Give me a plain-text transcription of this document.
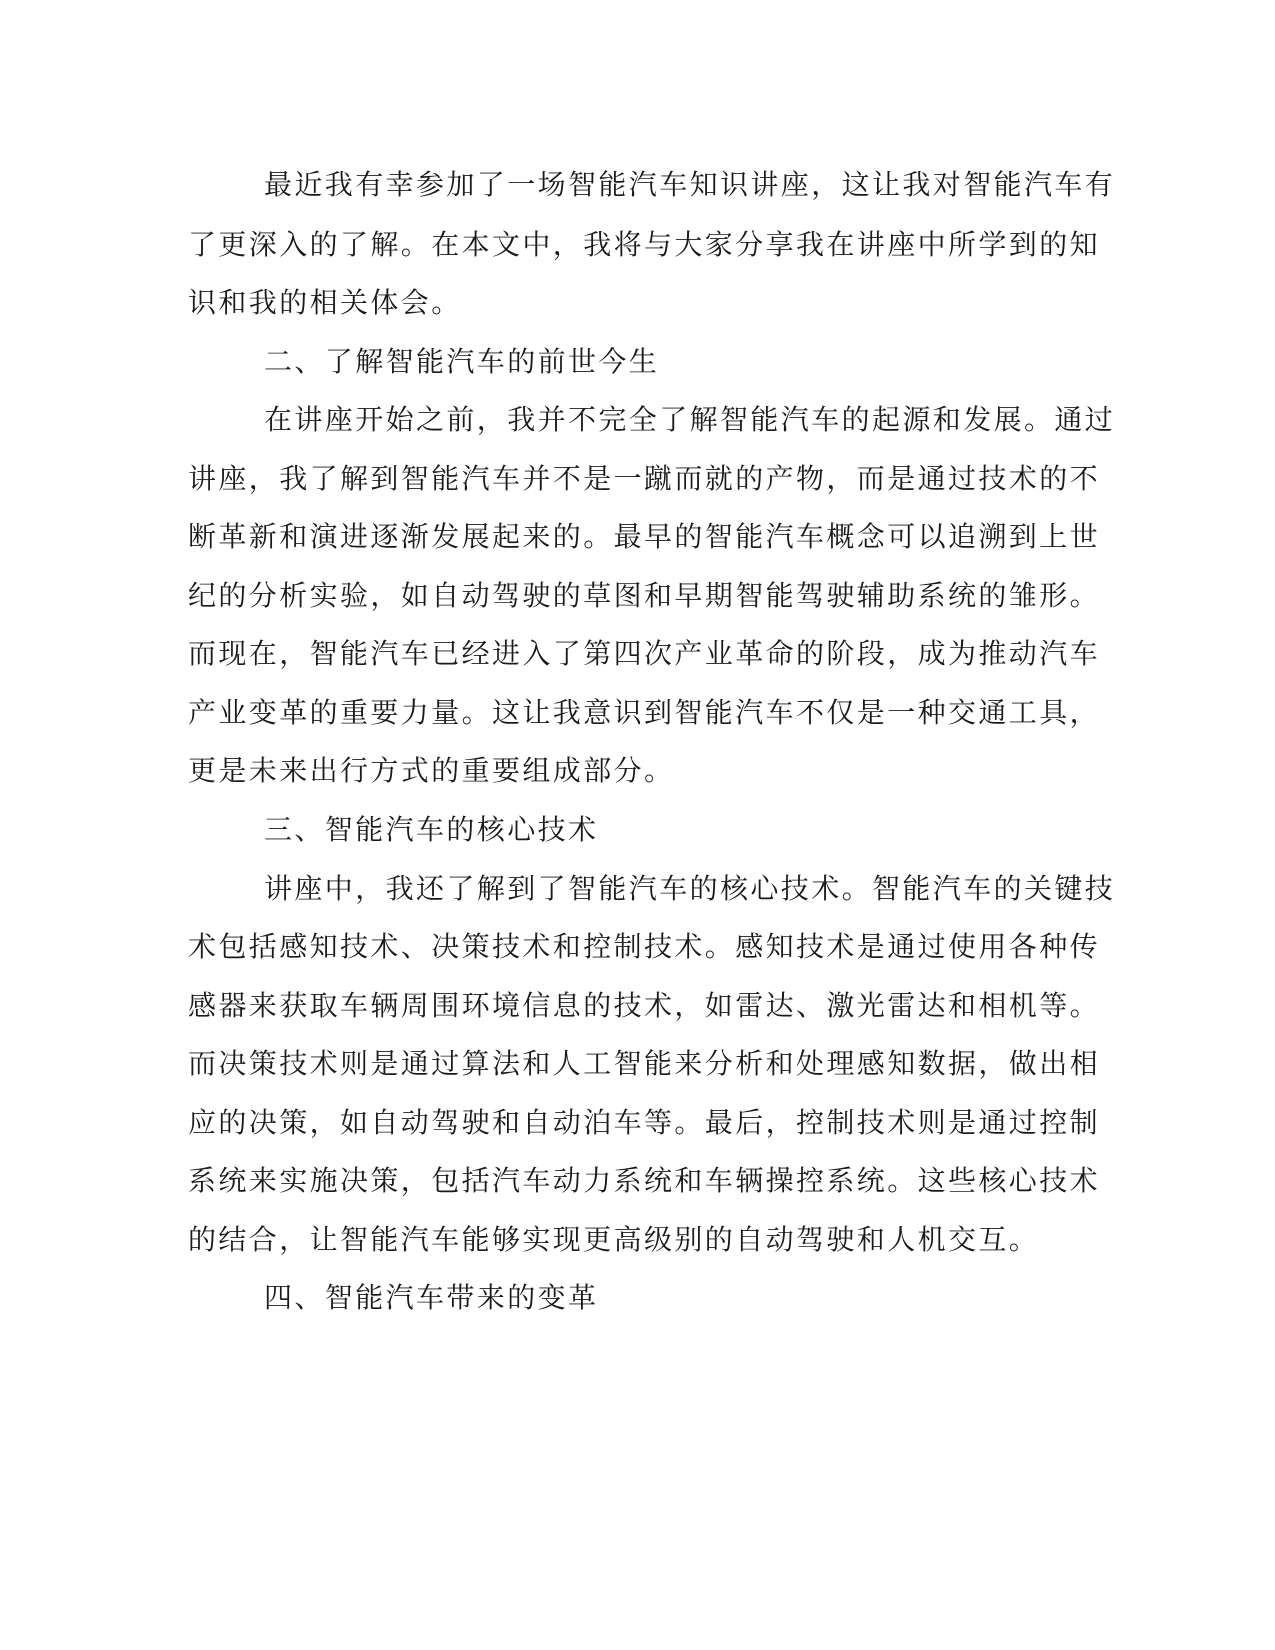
最近我有幸参加了一场智能汽车知识讲座，这让我对智能汽车有

了更深入的了解。在本文中，我将与大家分享我在讲座中所学到的知

识和我的相关体会。

二、了解智能汽车的前世今生

在讲座开始之前，我并不完全了解智能汽车的起源和发展。通过

讲座，我了解到智能汽车并不是一蹴而就的产物，而是通过技术的不

断革新和演进逐渐发展起来的。最早的智能汽车概念可以追溯到上世

纪的分析实验，如自动驾驶的草图和早期智能驾驶辅助系统的雏形。

而现在，智能汽车已经进入了第四次产业革命的阶段，成为推动汽车

产业变革的重要力量。这让我意识到智能汽车不仅是一种交通工具，

更是未来出行方式的重要组成部分。

三、智能汽车的核心技术

讲座中，我还了解到了智能汽车的核心技术。智能汽车的关键技

术包括感知技术、决策技术和控制技术。感知技术是通过使用各种传

感器来获取车辆周围环境信息的技术，如雷达、激光雷达和相机等。

而决策技术则是通过算法和人工智能来分析和处理感知数据，做出相

应的决策，如自动驾驶和自动泊车等。最后，控制技术则是通过控制

系统来实施决策，包括汽车动力系统和车辆操控系统。这些核心技术

的结合，让智能汽车能够实现更高级别的自动驾驶和人机交互。

四、智能汽车带来的变革
